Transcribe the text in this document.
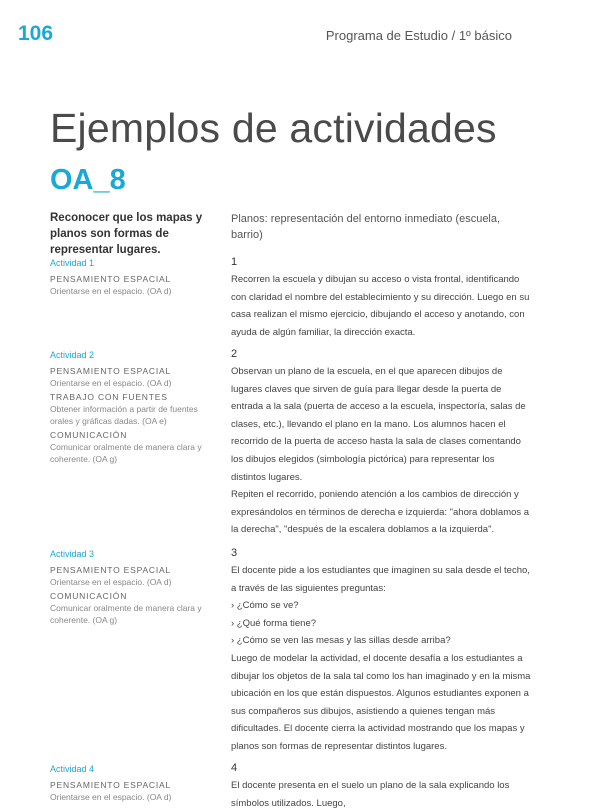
106	Programa de Estudio / 1º básico
Ejemplos de actividades
OA_8
Reconocer que los mapas y planos son formas de representar lugares.
Planos: representación del entorno inmediato (escuela, barrio)
Actividad 1
PENSAMIENTO ESPACIAL
Orientarse en el espacio. (OA d)
1

Recorren la escuela y dibujan su acceso o vista frontal, identificando con claridad el nombre del establecimiento y su dirección. Luego en su casa realizan el mismo ejercicio, dibujando el acceso y anotando, con ayuda de algún familiar, la dirección exacta.

Actividad 2
PENSAMIENTO ESPACIAL
Orientarse en el espacio. (OA d)
TRABAJO CON FUENTES
Obtener información a partir de fuentes orales y gráficas dadas. (OA e)
COMUNICACIÓN
Comunicar oralmente de manera clara y coherente. (OA g)
2

Observan un plano de la escuela, en el que aparecen dibujos de lugares claves que sirven de guía para llegar desde la puerta de entrada a la sala (puerta de acceso a la escuela, inspectoría, salas de clases, etc.), llevando el plano en la mano. Los alumnos hacen el recorrido de la puerta de acceso hasta la sala de clases comentando los dibujos elegidos (simbología pictórica) para representar los distintos lugares.

Repiten el recorrido, poniendo atención a los cambios de dirección y expresándolos en términos de derecha e izquierda: "ahora doblamos a la derecha", "después de la escalera doblamos a la izquierda".

Actividad 3
PENSAMIENTO ESPACIAL
Orientarse en el espacio. (OA d)
COMUNICACIÓN
Comunicar oralmente de manera clara y coherente. (OA g)
3

El docente pide a los estudiantes que imaginen su sala desde el techo, a través de las siguientes preguntas:

› ¿Cómo se ve?

› ¿Qué forma tiene?

› ¿Cómo se ven las mesas y las sillas desde arriba?

Luego de modelar la actividad, el docente desafía a los estudiantes a dibujar los objetos de la sala tal como los han imaginado y en la misma ubicación en los que están dispuestos. Algunos estudiantes exponen a sus compañeros sus dibujos, asistiendo a quienes tengan más dificultades. El docente cierra la actividad mostrando que los mapas y planos son formas de representar distintos lugares.

Actividad 4
PENSAMIENTO ESPACIAL
Orientarse en el espacio. (OA d)
4

El docente presenta en el suelo un plano de la sala explicando los símbolos utilizados. Luego,
